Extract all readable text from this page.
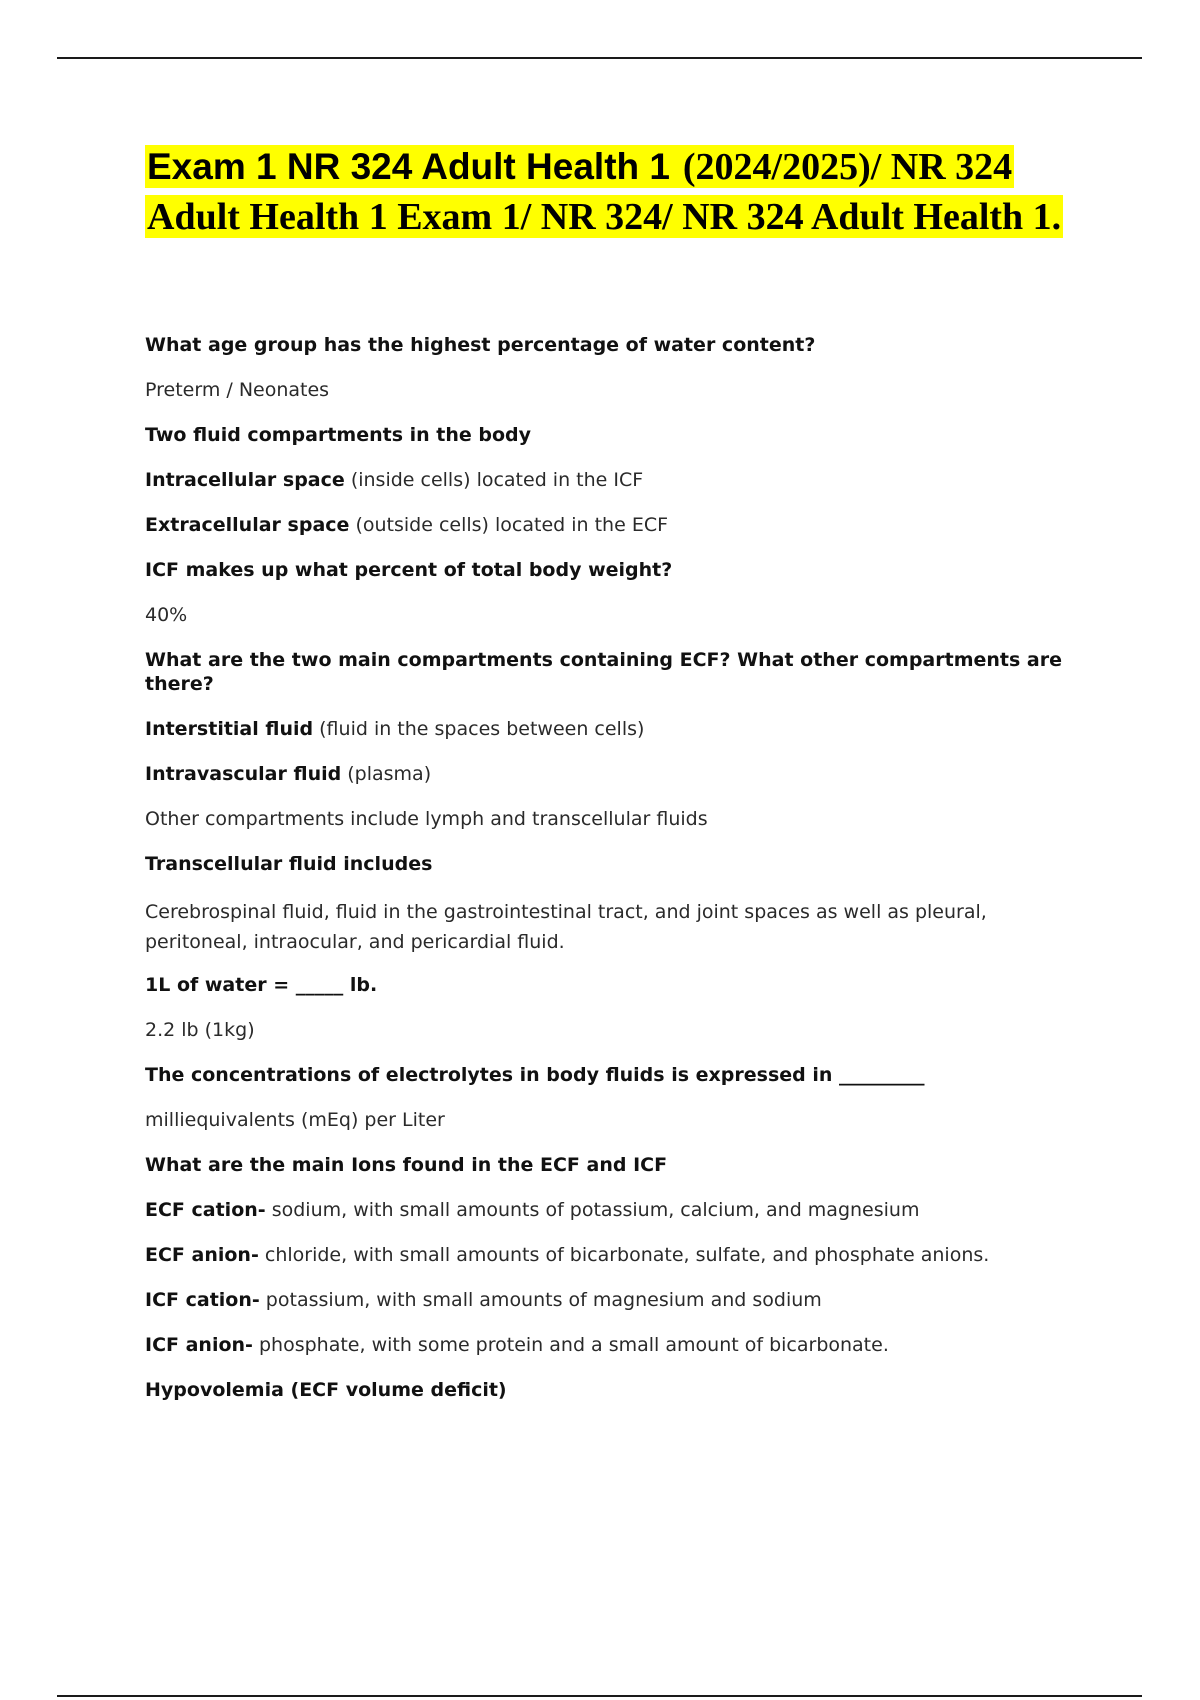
Exam 1 NR 324 Adult Health 1 (2024/2025)/ NR 324 Adult Health 1 Exam 1/ NR 324/ NR 324 Adult Health 1.

What age group has the highest percentage of water content?

Preterm / Neonates

Two fluid compartments in the body

Intracellular space (inside cells) located in the ICF

Extracellular space (outside cells) located in the ECF

ICF makes up what percent of total body weight?

40%

What are the two main compartments containing ECF? What other compartments are there?

Interstitial fluid (fluid in the spaces between cells)

Intravascular fluid (plasma)

Other compartments include lymph and transcellular fluids

Transcellular fluid includes

Cerebrospinal fluid, fluid in the gastrointestinal tract, and joint spaces as well as pleural, peritoneal, intraocular, and pericardial fluid.

1L of water = _____ lb.

2.2 lb (1kg)

The concentrations of electrolytes in body fluids is expressed in _________

milliequivalents (mEq) per Liter

What are the main Ions found in the ECF and ICF

ECF cation- sodium, with small amounts of potassium, calcium, and magnesium

ECF anion- chloride, with small amounts of bicarbonate, sulfate, and phosphate anions.

ICF cation- potassium, with small amounts of magnesium and sodium

ICF anion- phosphate, with some protein and a small amount of bicarbonate.

Hypovolemia (ECF volume deficit)
